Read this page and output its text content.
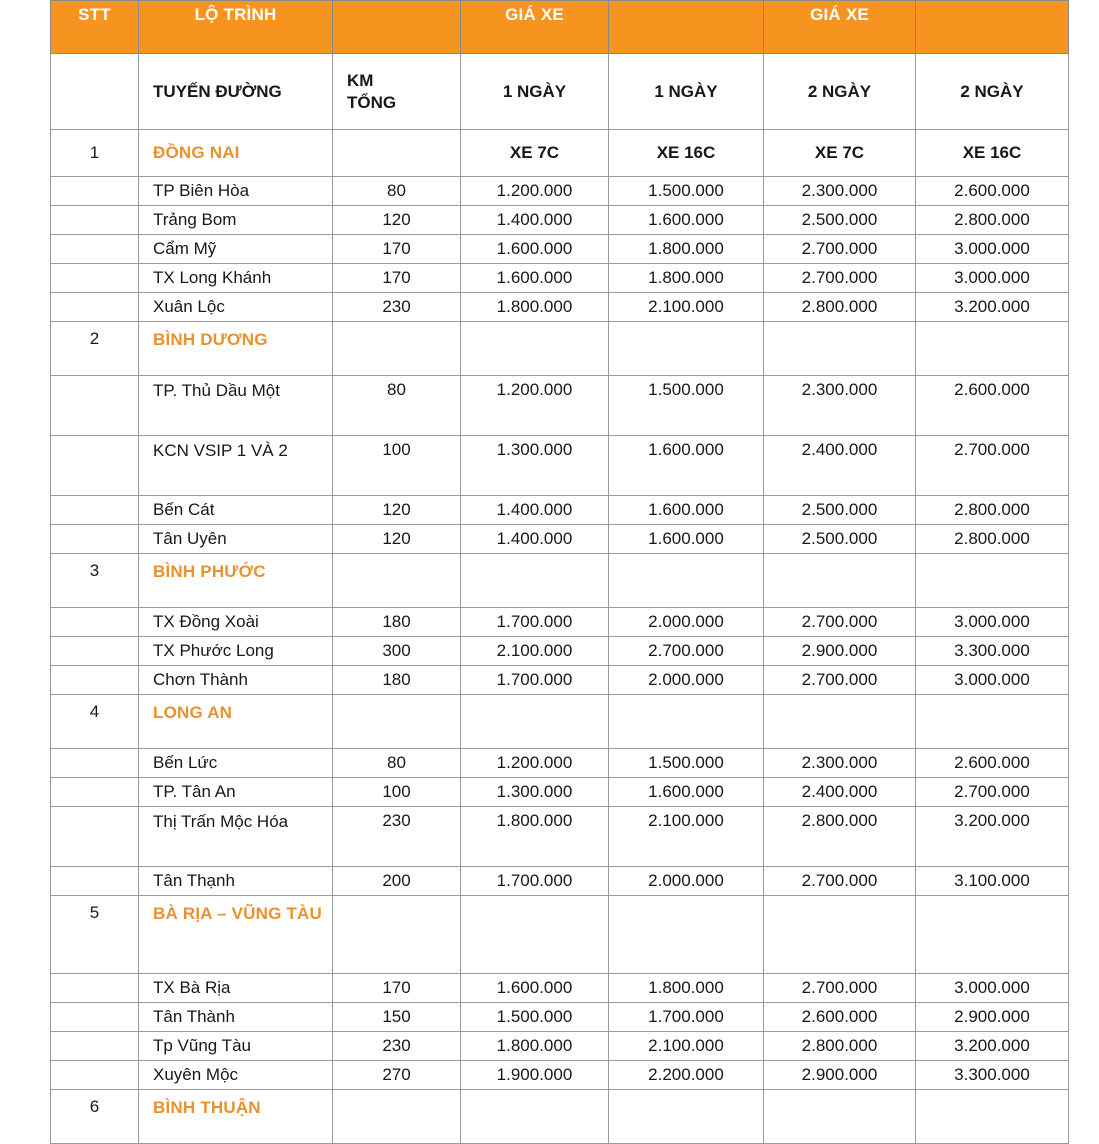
STT	LỘ TRÌNH		GIÁ XE		GIÁ XE	
	TUYẾN ĐƯỜNG	KM
TỔNG	1 NGÀY	1 NGÀY	2 NGÀY	2 NGÀY
1	ĐỒNG NAI		XE 7C	XE 16C	XE 7C	XE 16C
	TP Biên Hòa	80	1.200.000	1.500.000	2.300.000	2.600.000
	Trảng Bom	120	1.400.000	1.600.000	2.500.000	2.800.000
	Cẩm Mỹ	170	1.600.000	1.800.000	2.700.000	3.000.000
	TX Long Khánh	170	1.600.000	1.800.000	2.700.000	3.000.000
	Xuân Lộc	230	1.800.000	2.100.000	2.800.000	3.200.000
2	BÌNH DƯƠNG					
	TP. Thủ Dầu Một	80	1.200.000	1.500.000	2.300.000	2.600.000
	KCN VSIP 1 VÀ 2	100	1.300.000	1.600.000	2.400.000	2.700.000
	Bến Cát	120	1.400.000	1.600.000	2.500.000	2.800.000
	Tân Uyên	120	1.400.000	1.600.000	2.500.000	2.800.000
3	BÌNH PHƯỚC					
	TX Đồng Xoài	180	1.700.000	2.000.000	2.700.000	3.000.000
	TX Phước Long	300	2.100.000	2.700.000	2.900.000	3.300.000
	Chơn Thành	180	1.700.000	2.000.000	2.700.000	3.000.000
4	LONG AN					
	Bến Lức	80	1.200.000	1.500.000	2.300.000	2.600.000
	TP. Tân An	100	1.300.000	1.600.000	2.400.000	2.700.000
	Thị Trấn Mộc Hóa	230	1.800.000	2.100.000	2.800.000	3.200.000
	Tân Thạnh	200	1.700.000	2.000.000	2.700.000	3.100.000
5	BÀ RỊA – VŨNG TÀU					
	TX Bà Rịa	170	1.600.000	1.800.000	2.700.000	3.000.000
	Tân Thành	150	1.500.000	1.700.000	2.600.000	2.900.000
	Tp Vũng Tàu	230	1.800.000	2.100.000	2.800.000	3.200.000
	Xuyên Mộc	270	1.900.000	2.200.000	2.900.000	3.300.000
6	BÌNH THUẬN					
